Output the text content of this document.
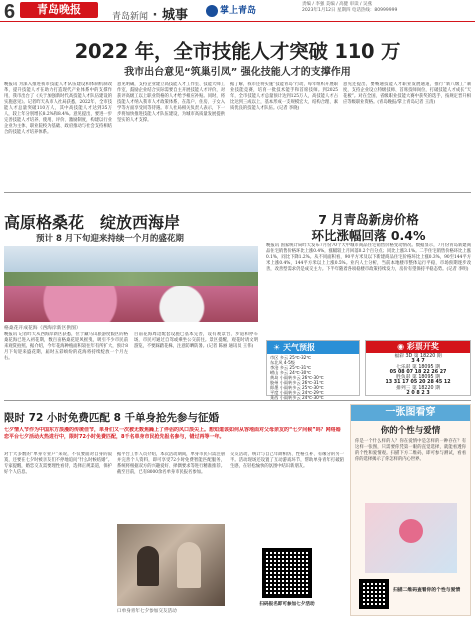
6	青岛晚报
青岛新闻 · 城事	掌上青岛
责编 / 李强 美编 / 高健 审读 / 吴燕
2023年1月12日 星期四 电话热线：80999999
2022 年，全市技能人才突破 110 万
我市出台意见“筑巢引凤” 强化技能人才的支撑作用
晚报讯 为深入推进我市技能人才队伍建设和体制机制改革，提升技能人才在助力打造现代产业体系中的支撑作用，我市出台了《关于加强新时代高技能人才队伍建设的实施意见》。记者昨天从市人社局获悉，2022年，全市技能人才总量突破110万人，其中高技能人才达到35万人，较上年分别增长8.2%和8.4%。意见提出，要进一步完善技能人才培养、使用、评价、激励制度，构建以行业企业为主体、职业院校为基础、政府推动与社会支持相结合的技能人才培养体系。
意见明确，支持企业建立高技能人才工作室、技能大师工作室，鼓励企业结合实际需要自主开展技能人才评价，对获评高级工以上职业资格的人才给予相应补贴。同时，将技能人才纳入我市人才政策体系，在落户、住房、子女入学等方面享受同等待遇。市人社局相关负责人表示，下一步将加快推进技能人才队伍建设，为城市高质量发展提供坚实的人才支撑。
据了解，我市还将实施“技能青岛”行动，每年组织开展职业技能竞赛，培育一批技术能手和首席技师。到2025年，全市技能人才总量预计达到125万人，高技能人才占比达到三成以上，基本形成一支规模宏大、结构合理、素质优良的技能人才队伍。(记者 李晓)
意见还提出，要畅通技能人才职业发展通道，推行“新八级工”制度，支持企业设立特级技师、首席技师岗位，打破技能人才成长“天花板”。对在全国、省级职业技能大赛中获奖的选手，按规定晋升相应等级职业资格。(青岛晚报/掌上青岛记者 王清)
高原格桑花　绽放西海岸
预计 8 月下旬迎来持续一个月的盛花期
格桑花开成花海（西海岸新区供图）
晚报讯 记者昨天从西海岸新区获悉，位于藏马山旅游度假区的格桑花海已进入初花期，数百亩格桑花迎风摇曳，吸引不少市民前来观赏拍照。据介绍，今年花海种植面积较往年有所扩大，预计8月下旬迎来盛花期，届时五彩缤纷的花海将持续绽放一个月左右。
目前花海周边配套设施已基本完善，设有观景台、步道和停车场，市民可通过自驾或乘坐公交前往。景区提醒，观花时请文明游览，不要踩踏花株，注意防晒防暑。(记者 陈丽 通讯员 王伟)
7 月青岛新房价格
环比涨幅回落 0.4%
晚报讯 国家统计局昨天发布7月份70个大中城市商品住宅销售价格变动情况。数据显示，7月份青岛新建商品住宅销售价格环比上涨0.4%，涨幅较上月回落0.2个百分点；同比上涨3.1%。二手住宅销售价格环比上涨0.1%，同比下降1.2%。从不同面积看，90平方米及以下新建商品住宅价格环比上涨0.3%，90至144平方米上涨0.4%，144平方米以上上涨0.5%。业内人士分析，当前本地楼市整体运行平稳，市场预期逐步改善，改善型需求仍是成交主力。下半年随着各项稳楼市政策持续发力，房价有望保持平稳态势。(记者 李明)
☀ 天气预报
市区 多云 25℃-32℃
东北风 4-5级
李沧 多云 25℃-31℃
崂山 多云 24℃-30℃
黄岛 小雨转多云 26℃-30℃
胶州 小雨转多云 26℃-31℃
即墨 小雨转多云 25℃-30℃
平度 小雨转多云 24℃-29℃
莱西 小雨转多云 24℃-30℃
◉ 彩票开奖
福彩 3D 第 18220 期
3 4 7
七乐彩 第 18095 期
05 08 07 18 22 26 27
胜负彩 第 18095 期
13 31 17 05 20 28 45 12
排列三 第 18220 期
2 0 8 2 3
限时 72 小时免费匹配 8 千单身抢先参与征婚
七夕情人节作为中国东方浪漫的传统佳节，单身们又一次被无数焦躁上了伴侣的风口浪尖上。想知道该如何从容地面对父母亲友的“七夕问候”吗？网络婚恋平台七夕活动火热进行中，限时72小时免费匹配，8千名单身市民抢先报名参与，错过再等一年。
对于大多数的“单身专业户”来说，不仅要面对自身的寂寞，还要在七夕时被亲友们不停地追问“什么时候结婚”。专家提醒，婚恋交友需要理性看待，选择正规渠道，保护好个人信息。
据平台工作人员介绍，本次活动期间，单身市民只需注册并完善个人资料，即可享受72小时免费智能匹配服务，系统将根据双方的兴趣爱好、择偶要求等进行精准推荐。截至目前，已有8000余名单身市民报名参加。
口单身青年七夕参加交友活动
交友活动，统计与自己年龄相仿、性格互补、有缘分的另一半。活动现场还设置了互动游戏环节，帮助单身青年打破陌生感，在轻松愉快的氛围中结识新朋友。
扫码报名即可参加七夕活动
一张图看穿
你的个性与爱情
你是一个什么样的人？你在爱情中是怎样的一种存在？有这样一张图，只需要你凭第一眼的直觉选择，就能看透你的个性和爱情观。扫描下方二维码，即可参与测试，看看你的选择揭示了你怎样的内心世界。
扫描二维码查看你的个性与爱情
